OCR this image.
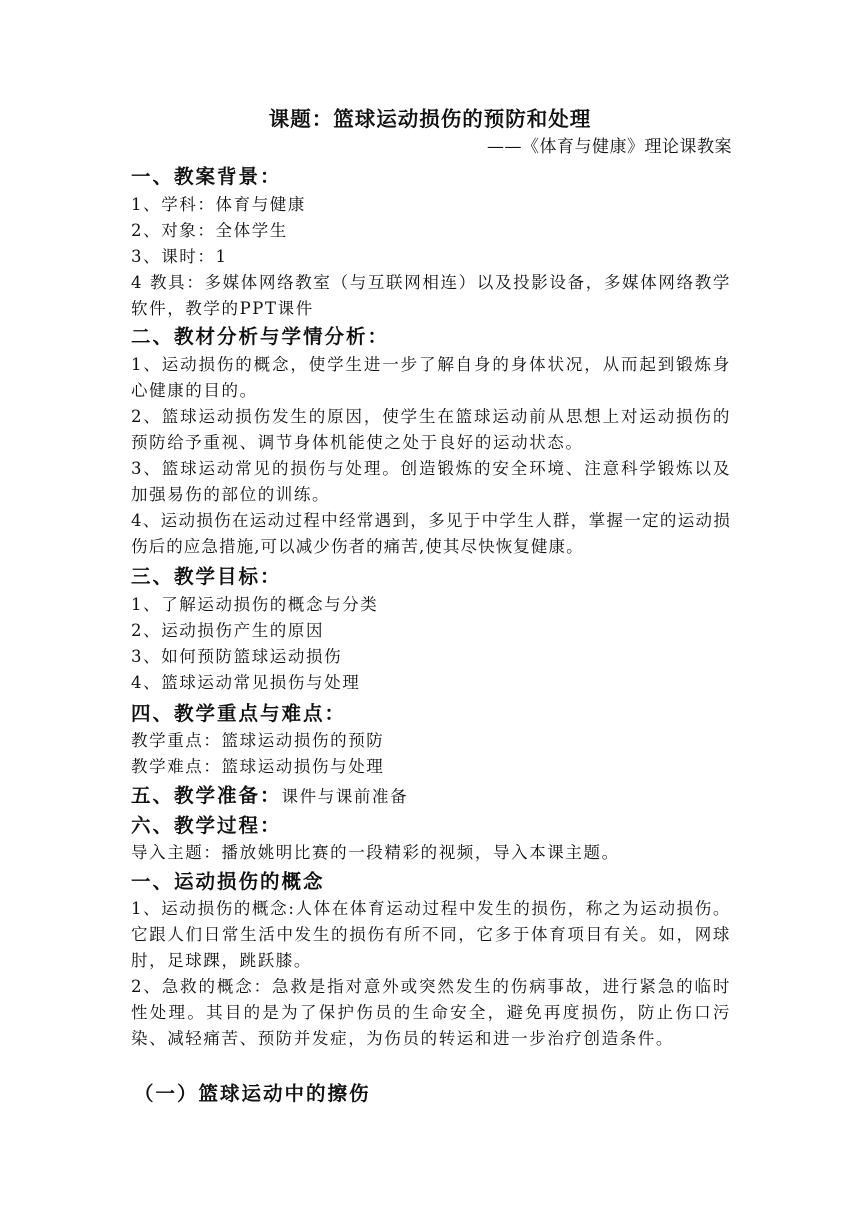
课题：篮球运动损伤的预防和处理
——《体育与健康》理论课教案
一、教案背景：
1、学科：体育与健康
2、对象：全体学生
3、课时：1
4 教具：多媒体网络教室（与互联网相连）以及投影设备，多媒体网络教学软件，教学的PPT课件
二、教材分析与学情分析：
1、运动损伤的概念，使学生进一步了解自身的身体状况，从而起到锻炼身心健康的目的。
2、篮球运动损伤发生的原因，使学生在篮球运动前从思想上对运动损伤的预防给予重视、调节身体机能使之处于良好的运动状态。
3、篮球运动常见的损伤与处理。创造锻炼的安全环境、注意科学锻炼以及加强易伤的部位的训练。
4、运动损伤在运动过程中经常遇到，多见于中学生人群，掌握一定的运动损伤后的应急措施,可以减少伤者的痛苦,使其尽快恢复健康。
三、教学目标：
1、了解运动损伤的概念与分类
2、运动损伤产生的原因
3、如何预防篮球运动损伤
4、篮球运动常见损伤与处理
四、教学重点与难点：
教学重点：篮球运动损伤的预防
教学难点：篮球运动损伤与处理
五、教学准备：课件与课前准备
六、教学过程：
导入主题：播放姚明比赛的一段精彩的视频，导入本课主题。
一、运动损伤的概念
1、运动损伤的概念:人体在体育运动过程中发生的损伤，称之为运动损伤。它跟人们日常生活中发生的损伤有所不同，它多于体育项目有关。如，网球肘，足球踝，跳跃膝。
2、急救的概念：急救是指对意外或突然发生的伤病事故，进行紧急的临时性处理。其目的是为了保护伤员的生命安全，避免再度损伤，防止伤口污染、减轻痛苦、预防并发症，为伤员的转运和进一步治疗创造条件。
（一）篮球运动中的擦伤
